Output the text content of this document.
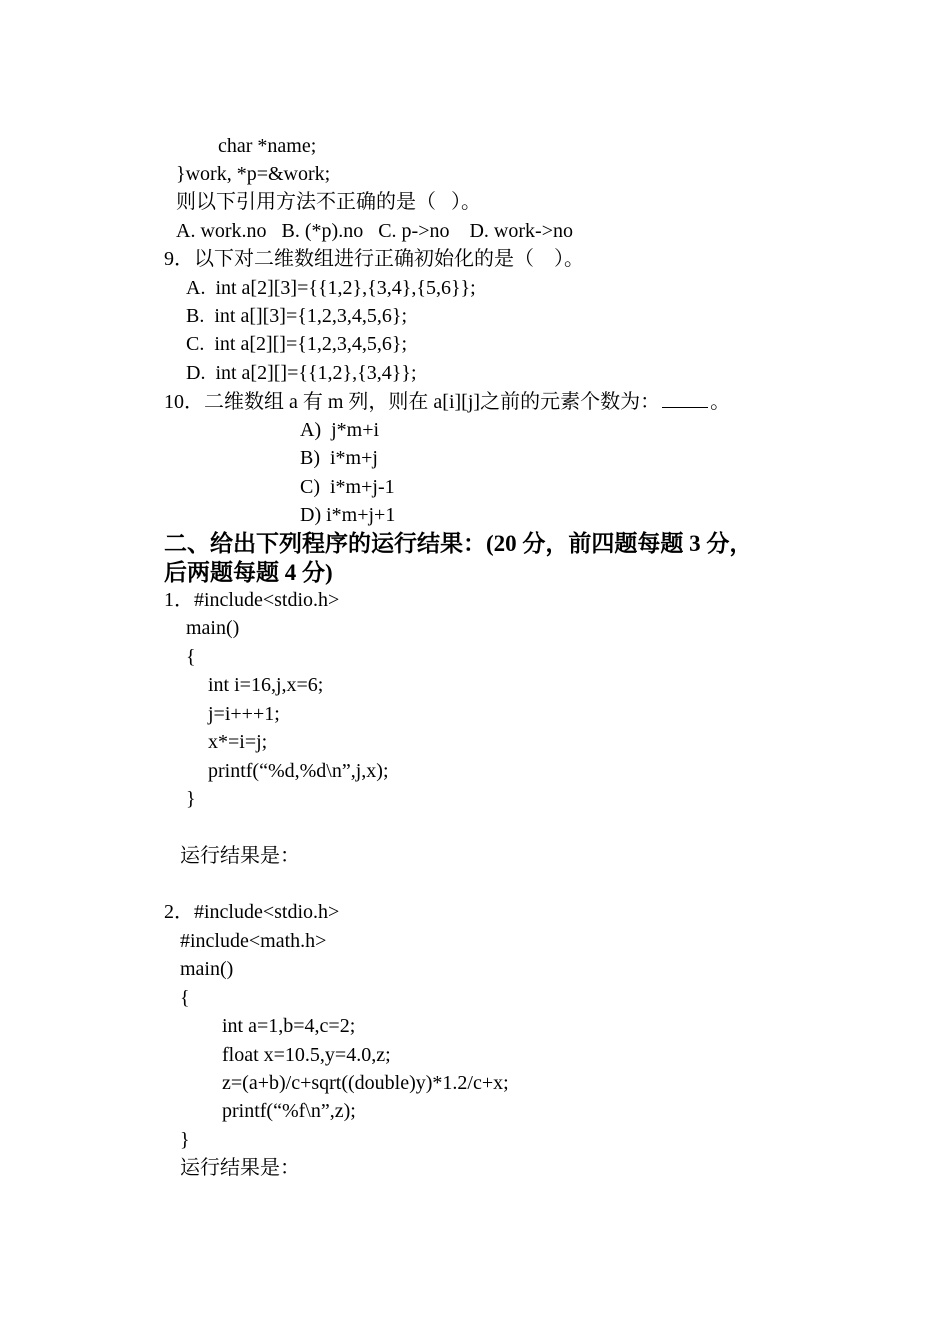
char *name;
}work, *p=&work;
则以下引用方法不正确的是（   ）。
A. work.no   B. (*p).no   C. p->no    D. work->no
9．以下对二维数组进行正确初始化的是（    ）。
A.  int a[2][3]={{1,2},{3,4},{5,6}};
B.  int a[][3]={1,2,3,4,5,6};
C.  int a[2][]={1,2,3,4,5,6};
D.  int a[2][]={{1,2},{3,4}};
10．二维数组 a 有 m 列，则在 a[i][j]之前的元素个数为：	。
A)  j*m+i
B)  i*m+j
C)  i*m+j-1
D) i*m+j+1
二、给出下列程序的运行结果：(20 分，前四题每题 3 分，
后两题每题 4 分)
1．#include<stdio.h>
main()
{
int i=16,j,x=6;
j=i+++1;
x*=i=j;
printf(“%d,%d\n”,j,x);
}
运行结果是：
2．#include<stdio.h>
#include<math.h>
main()
{
int a=1,b=4,c=2;
float x=10.5,y=4.0,z;
z=(a+b)/c+sqrt((double)y)*1.2/c+x;
printf(“%f\n”,z);
}
运行结果是：
